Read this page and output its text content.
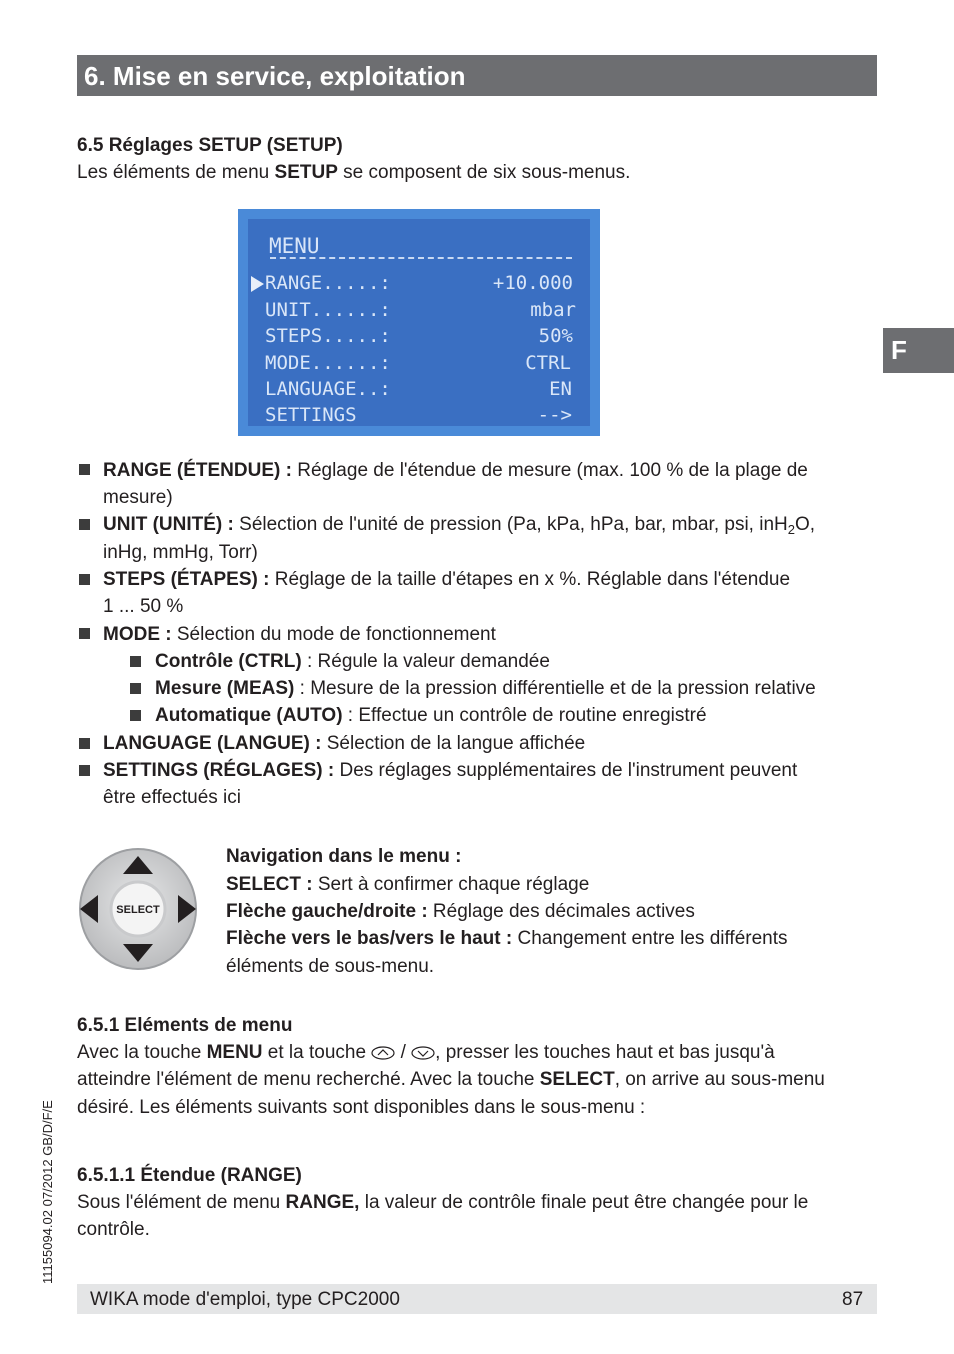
6. Mise en service, exploitation
F
11155094.02 07/2012 GB/D/F/E
6.5 Réglages SETUP (SETUP)
Les éléments de menu SETUP se composent de six sous-menus.
MENU
RANGE.....:	+10.000
UNIT......:	mbar
STEPS.....:	50%
MODE......:	CTRL
LANGUAGE..:	EN
SETTINGS	-->
RANGE (ÉTENDUE) : Réglage de l'étendue de mesure (max. 100 % de la plage de
mesure)
UNIT (UNITÉ) : Sélection de l'unité de pression (Pa, kPa, hPa, bar, mbar, psi, inH$_2$O,
inHg, mmHg, Torr)
STEPS (ÉTAPES) : Réglage de la taille d'étapes en x %. Réglable dans l'étendue
1 ... 50 %
MODE : Sélection du mode de fonctionnement
Contrôle (CTRL) : Régule la valeur demandée
Mesure (MEAS) : Mesure de la pression différentielle et de la pression relative
Automatique (AUTO) : Effectue un contrôle de routine enregistré
LANGUAGE (LANGUE) : Sélection de la langue affichée
SETTINGS (RÉGLAGES) : Des réglages supplémentaires de l'instrument peuvent
être effectués ici
SELECT
Navigation dans le menu :
SELECT : Sert à confirmer chaque réglage
Flèche gauche/droite : Réglage des décimales actives
Flèche vers le bas/vers le haut : Changement entre les différents
éléments de sous-menu.
6.5.1 Eléments de menu
Avec la touche MENU et la touche  / , presser les touches haut et bas jusqu'à
atteindre l'élément de menu recherché. Avec la touche SELECT, on arrive au sous-menu
désiré. Les éléments suivants sont disponibles dans le sous-menu :
6.5.1.1 Étendue (RANGE)
Sous l'élément de menu RANGE, la valeur de contrôle finale peut être changée pour le
contrôle.
WIKA mode d'emploi, type CPC2000	87
